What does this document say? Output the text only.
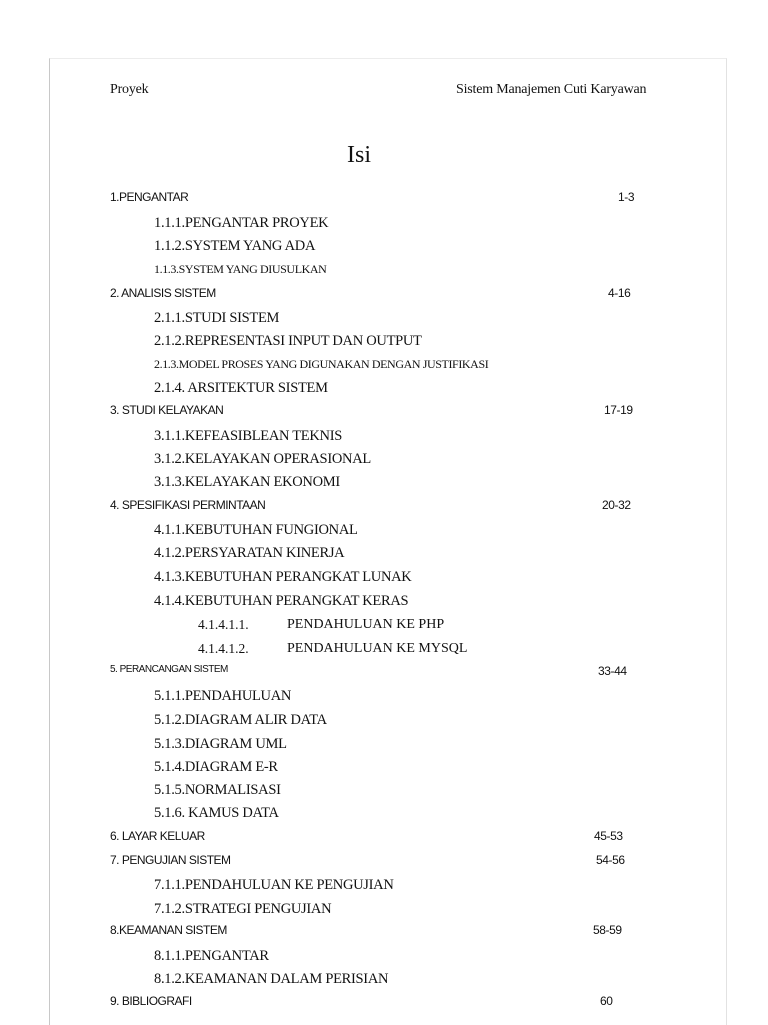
Proyek	Sistem Manajemen Cuti Karyawan
Isi
1.PENGANTAR	1-3
1.1.1.PENGANTAR PROYEK
1.1.2.SYSTEM YANG ADA
1.1.3.SYSTEM YANG DIUSULKAN
2. ANALISIS SISTEM	4-16
2.1.1.STUDI SISTEM
2.1.2.REPRESENTASI INPUT DAN OUTPUT
2.1.3.MODEL PROSES YANG DIGUNAKAN DENGAN JUSTIFIKASI
2.1.4. ARSITEKTUR SISTEM
3. STUDI KELAYAKAN	17-19
3.1.1.KEFEASIBLEAN TEKNIS
3.1.2.KELAYAKAN OPERASIONAL
3.1.3.KELAYAKAN EKONOMI
4. SPESIFIKASI PERMINTAAN	20-32
4.1.1.KEBUTUHAN FUNGIONAL
4.1.2.PERSYARATAN KINERJA
4.1.3.KEBUTUHAN PERANGKAT LUNAK
4.1.4.KEBUTUHAN PERANGKAT KERAS
4.1.4.1.1.	PENDAHULUAN KE PHP
4.1.4.1.2.	PENDAHULUAN KE MYSQL
5. PERANCANGAN SISTEM	33-44
5.1.1.PENDAHULUAN
5.1.2.DIAGRAM ALIR DATA
5.1.3.DIAGRAM UML
5.1.4.DIAGRAM E-R
5.1.5.NORMALISASI
5.1.6. KAMUS DATA
6. LAYAR KELUAR	45-53
7. PENGUJIAN SISTEM	54-56
7.1.1.PENDAHULUAN KE PENGUJIAN
7.1.2.STRATEGI PENGUJIAN
8.KEAMANAN SISTEM	58-59
8.1.1.PENGANTAR
8.1.2.KEAMANAN DALAM PERISIAN
9. BIBLIOGRAFI	60
